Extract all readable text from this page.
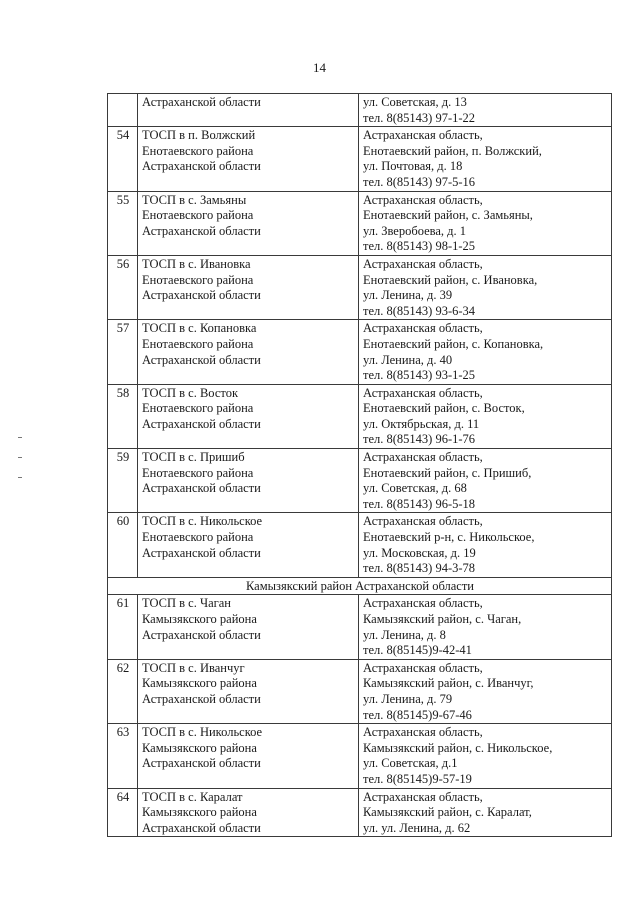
14

	Астраханской области	ул. Советская, д. 13
тел. 8(85143) 97-1-22

54	ТОСП в п. Волжский
Енотаевского района
Астраханской области	Астраханская область,
Енотаевский район, п. Волжский,
ул. Почтовая, д. 18
тел. 8(85143) 97-5-16

55	ТОСП в с. Замьяны
Енотаевского района
Астраханской области	Астраханская область,
Енотаевский район, с. Замьяны,
ул. Зверобоева, д. 1
тел. 8(85143) 98-1-25

56	ТОСП в с. Ивановка
Енотаевского района
Астраханской области	Астраханская область,
Енотаевский район, с. Ивановка,
ул. Ленина, д. 39
тел. 8(85143) 93-6-34

57	ТОСП в с. Копановка
Енотаевского района
Астраханской области	Астраханская область,
Енотаевский район, с. Копановка,
ул. Ленина, д. 40
тел. 8(85143) 93-1-25

58	ТОСП в с. Восток
Енотаевского района
Астраханской области	Астраханская область,
Енотаевский район, с. Восток,
ул. Октябрьская, д. 11
тел. 8(85143) 96-1-76

59	ТОСП в с. Пришиб
Енотаевского района
Астраханской области	Астраханская область,
Енотаевский район, с. Пришиб,
ул. Советская, д. 68
тел. 8(85143) 96-5-18

60	ТОСП в с. Никольское
Енотаевского района
Астраханской области	Астраханская область,
Енотаевский р-н, с. Никольское,
ул. Московская, д. 19
тел. 8(85143) 94-3-78

Камызякский район Астраханской области		
61	ТОСП в с. Чаган
Камызякского района
Астраханской области	Астраханская область,
Камызякский район, с. Чаган,
ул. Ленина, д. 8
тел. 8(85145)9-42-41

62	ТОСП в с. Иванчуг
Камызякского района
Астраханской области	Астраханская область,
Камызякский район, с. Иванчуг,
ул. Ленина, д. 79
тел. 8(85145)9-67-46

63	ТОСП в с. Никольское
Камызякского района
Астраханской области	Астраханская область,
Камызякский район, с. Никольское,
ул. Советская, д.1
тел. 8(85145)9-57-19

64	ТОСП в с. Каралат
Камызякского района
Астраханской области	Астраханская область,
Камызякский район, с. Каралат,
ул. ул. Ленина, д. 62
